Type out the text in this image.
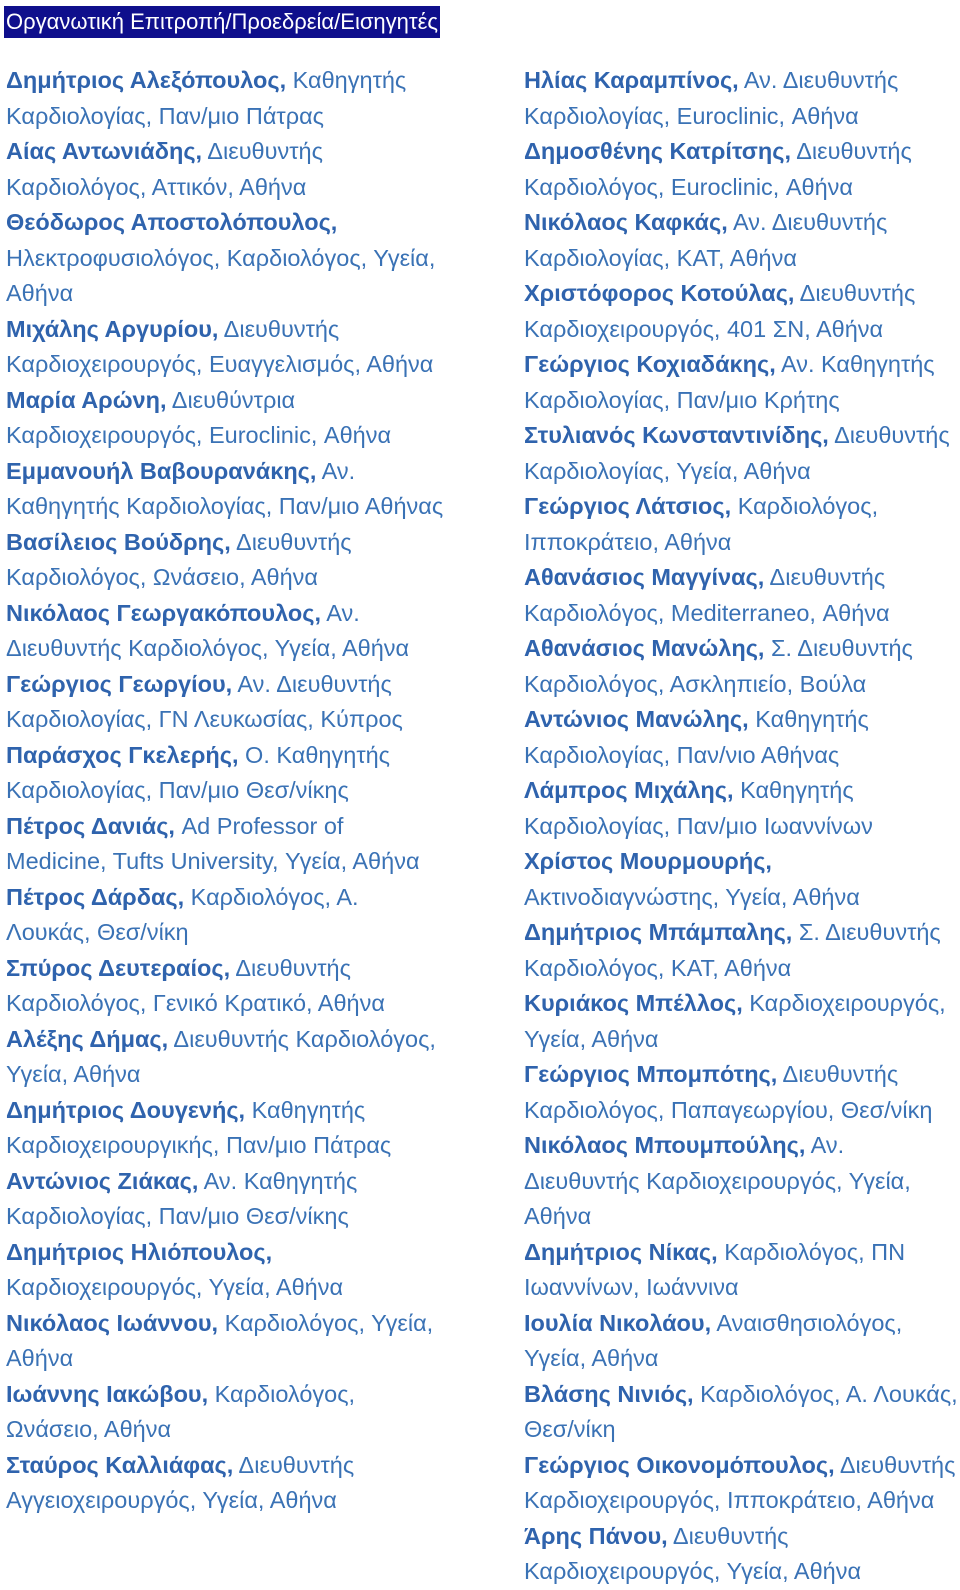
Οργανωτική Επιτροπή/Προεδρεία/Εισηγητές

Δημήτριος Αλεξόπουλος, Καθηγητής Καρδιολογίας, Παν/μιο Πάτρας

Αίας Αντωνιάδης, Διευθυντής Καρδιολόγος, Αττικόν, Αθήνα

Θεόδωρος Αποστολόπουλος, Ηλεκτροφυσιολόγος, Καρδιολόγος, Υγεία, Αθήνα

Μιχάλης Αργυρίου, Διευθυντής Καρδιοχειρουργός, Ευαγγελισμός, Αθήνα

Μαρία Αρώνη, Διευθύντρια Καρδιοχειρουργός, Euroclinic, Αθήνα

Εμμανουήλ Βαβουρανάκης, Αν. Καθηγητής Καρδιολογίας, Παν/μιο Αθήνας

Βασίλειος Βούδρης, Διευθυντής Καρδιολόγος, Ωνάσειο, Αθήνα

Νικόλαος Γεωργακόπουλος, Αν. Διευθυντής Καρδιολόγος, Υγεία, Αθήνα

Γεώργιος Γεωργίου, Αν. Διευθυντής Καρδιολογίας, ΓΝ Λευκωσίας, Κύπρος

Παράσχος Γκελερής, Ο. Καθηγητής Καρδιολογίας, Παν/μιο Θεσ/νίκης

Πέτρος Δανιάς, Ad Professor of Medicine, Tufts University, Υγεία, Αθήνα

Πέτρος Δάρδας, Καρδιολόγος, Α. Λουκάς, Θεσ/νίκη

Σπύρος Δευτεραίος, Διευθυντής Καρδιολόγος, Γενικό Κρατικό, Αθήνα

Αλέξης Δήμας, Διευθυντής Καρδιολόγος, Υγεία, Αθήνα

Δημήτριος Δουγενής, Καθηγητής Καρδιοχειρουργικής, Παν/μιο Πάτρας

Αντώνιος Ζιάκας, Αν. Καθηγητής Καρδιολογίας, Παν/μιο Θεσ/νίκης

Δημήτριος Ηλιόπουλος, Καρδιοχειρουργός, Υγεία, Αθήνα

Νικόλαος Ιωάννου, Καρδιολόγος, Υγεία, Αθήνα

Ιωάννης Ιακώβου, Καρδιολόγος, Ωνάσειο, Αθήνα

Σταύρος Καλλιάφας, Διευθυντής Αγγειοχειρουργός, Υγεία, Αθήνα

Ηλίας Καραμπίνος, Αν. Διευθυντής Καρδιολογίας, Euroclinic, Αθήνα

Δημοσθένης Κατρίτσης, Διευθυντής Καρδιολόγος, Euroclinic, Αθήνα

Νικόλαος Καφκάς, Αν. Διευθυντής Καρδιολογίας, ΚΑΤ, Αθήνα

Χριστόφορος Κοτούλας, Διευθυντής Καρδιοχειρουργός, 401 ΣΝ, Αθήνα

Γεώργιος Κοχιαδάκης, Αν. Καθηγητής Καρδιολογίας, Παν/μιο Κρήτης

Στυλιανός Κωνσταντινίδης, Διευθυντής Καρδιολογίας, Υγεία, Αθήνα

Γεώργιος Λάτσιος, Καρδιολόγος, Ιπποκράτειο, Αθήνα

Αθανάσιος Μαγγίνας, Διευθυντής Καρδιολόγος, Mediterraneo, Αθήνα

Αθανάσιος Μανώλης, Σ. Διευθυντής Καρδιολόγος, Ασκληπιείο, Βούλα

Αντώνιος Μανώλης, Καθηγητής Καρδιολογίας, Παν/νιο Αθήνας

Λάμπρος Μιχάλης, Καθηγητής Καρδιολογίας, Παν/μιο Ιωαννίνων

Χρίστος Μουρμουρής, Ακτινοδιαγνώστης, Υγεία, Αθήνα

Δημήτριος Μπάμπαλης, Σ. Διευθυντής Καρδιολόγος, ΚΑΤ, Αθήνα

Κυριάκος Μπέλλος, Καρδιοχειρουργός, Υγεία, Αθήνα

Γεώργιος Μπομπότης, Διευθυντής Καρδιολόγος, Παπαγεωργίου, Θεσ/νίκη

Νικόλαος Μπουμπούλης, Αν. Διευθυντής Καρδιοχειρουργός, Υγεία, Αθήνα

Δημήτριος Νίκας, Καρδιολόγος, ΠΝ Ιωαννίνων, Ιωάννινα

Ιουλία Νικολάου, Αναισθησιολόγος, Υγεία, Αθήνα

Βλάσης Νινιός, Καρδιολόγος, Α. Λουκάς, Θεσ/νίκη

Γεώργιος Οικονομόπουλος, Διευθυντής Καρδιοχειρουργός, Ιπποκράτειο, Αθήνα

Άρης Πάνου, Διευθυντής Καρδιοχειρουργός, Υγεία, Αθήνα
